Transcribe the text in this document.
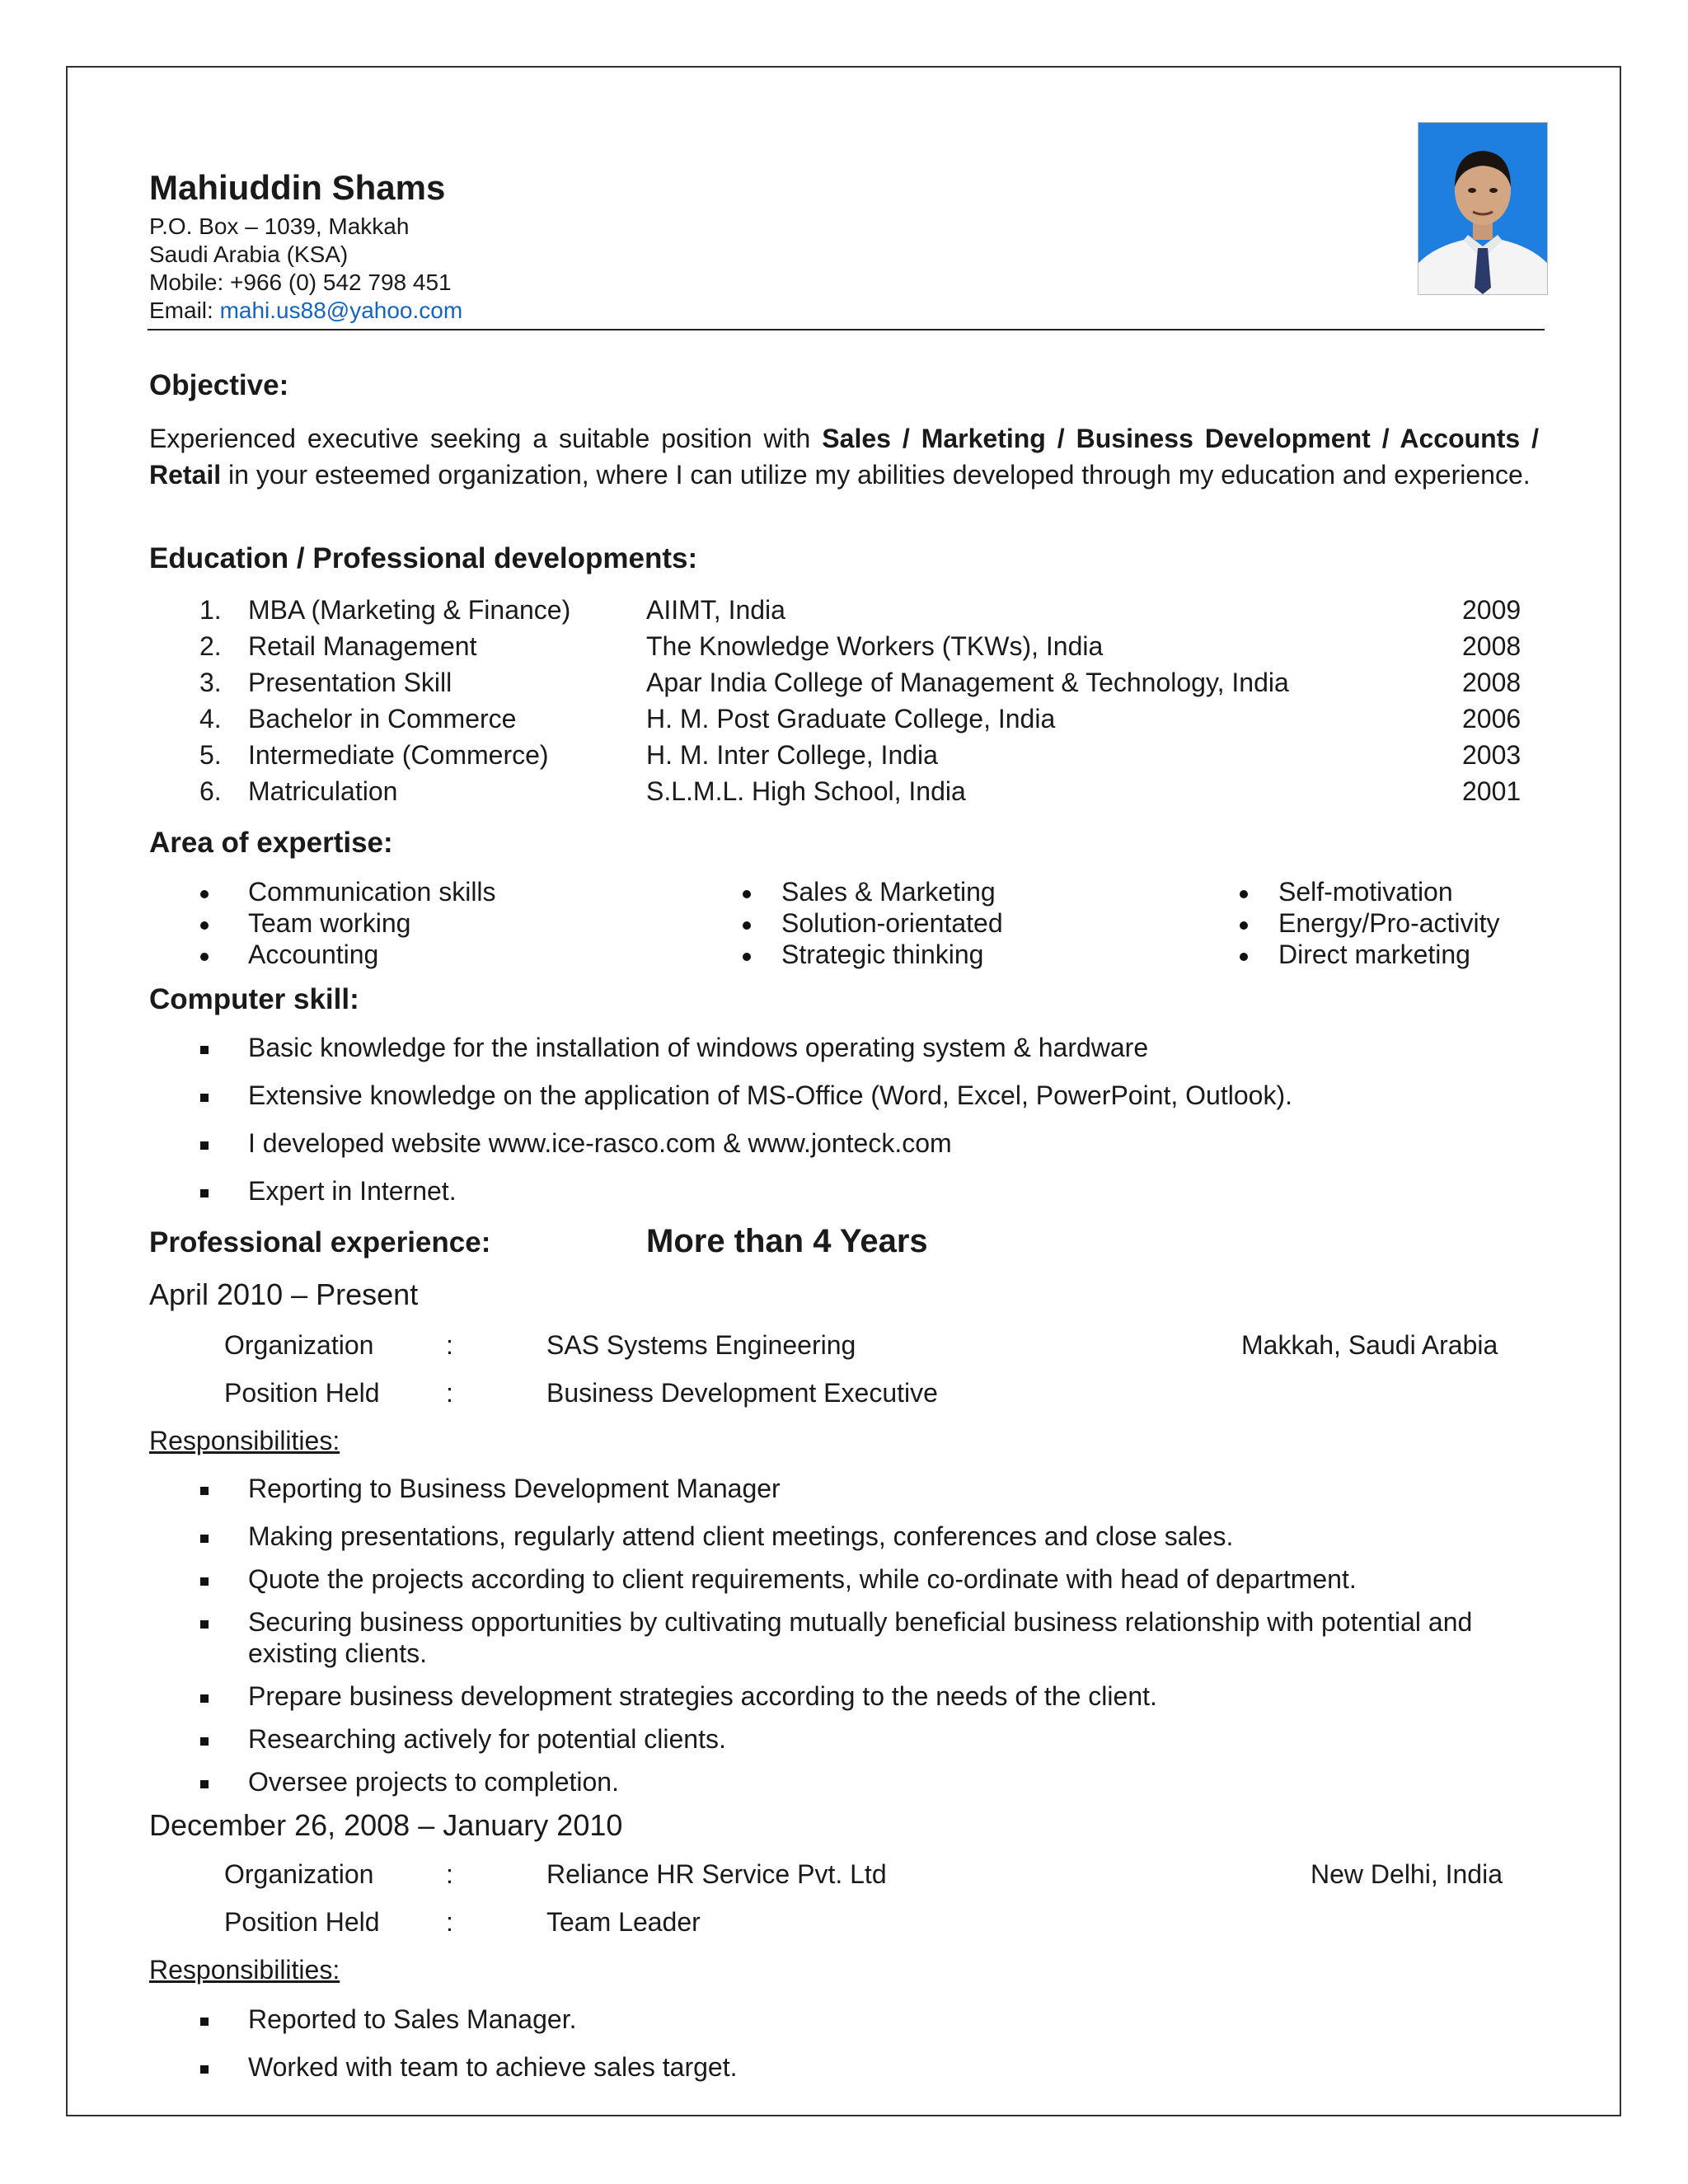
Mahiuddin Shams
P.O. Box – 1039, Makkah
Saudi Arabia (KSA)
Mobile: +966 (0) 542 798 451
Email: mahi.us88@yahoo.com
Objective:
Experienced executive seeking a suitable position with Sales / Marketing / Business Development / Accounts / Retail in your esteemed organization, where I can utilize my abilities developed through my education and experience.
Education / Professional developments:
Area of expertise:
Computer skill:
Professional experience:	More than 4 Years
1. MBA (Marketing & Finance)	AIIMT, India	2009
2. Retail Management	The Knowledge Workers (TKWs), India	2008
3. Presentation Skill	Apar India College of Management & Technology, India	2008
4. Bachelor in Commerce	H. M. Post Graduate College, India	2006
5. Intermediate (Commerce)	H. M. Inter College, India	2003
6. Matriculation	S.L.M.L. High School, India	2001
Communication skills
Team working
Accounting
Sales & Marketing
Solution-orientated
Strategic thinking
Self-motivation
Energy/Pro-activity
Direct marketing
Basic knowledge for the installation of windows operating system & hardware
Extensive knowledge on the application of MS-Office (Word, Excel, PowerPoint, Outlook).
I developed website www.ice-rasco.com & www.jonteck.com
Expert in Internet.
April 2010 – Present
Organization	:	SAS Systems Engineering	Makkah, Saudi Arabia
Position Held	:	Business Development Executive
Responsibilities:
Reporting to Business Development Manager
Making presentations, regularly attend client meetings, conferences and close sales.
Quote the projects according to client requirements, while co-ordinate with head of department.
Securing business opportunities by cultivating mutually beneficial business relationship with potential and
existing clients.
Prepare business development strategies according to the needs of the client.
Researching actively for potential clients.
Oversee projects to completion.
December 26, 2008 – January 2010
Organization	:	Reliance HR Service Pvt. Ltd	New Delhi, India
Position Held	:	Team Leader
Responsibilities:
Reported to Sales Manager.
Worked with team to achieve sales target.
